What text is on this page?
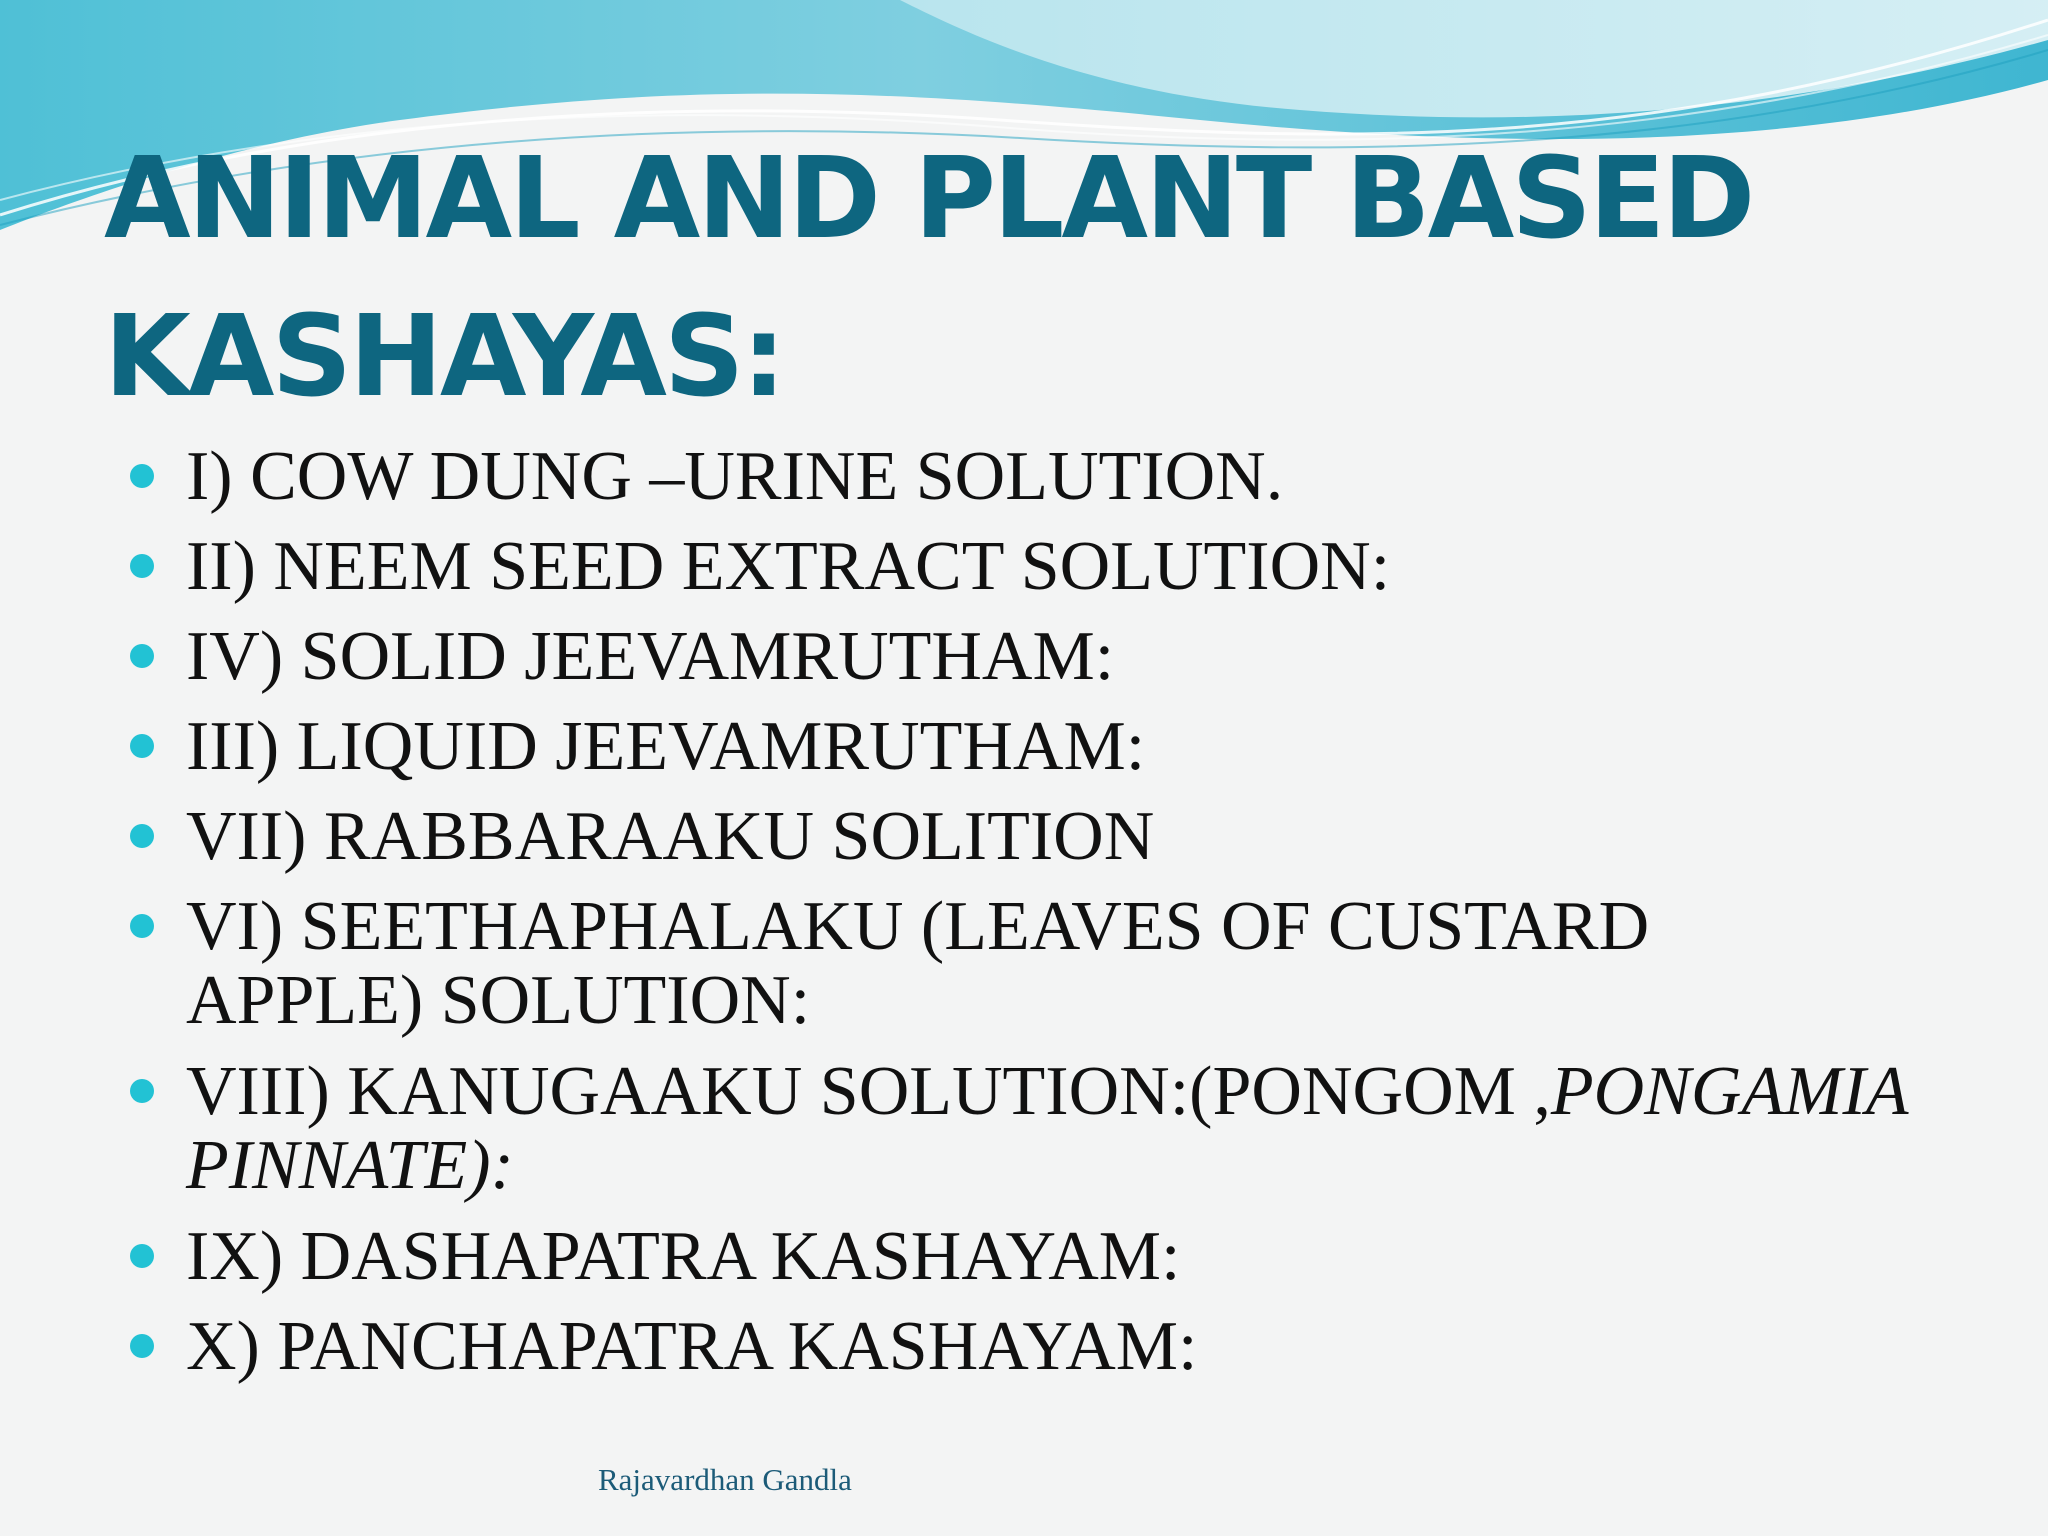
ANIMAL AND PLANT BASED
KASHAYAS:
I) COW DUNG –URINE SOLUTION.
II) NEEM SEED EXTRACT SOLUTION:
IV) SOLID JEEVAMRUTHAM:
III) LIQUID JEEVAMRUTHAM:
VII) RABBARAAKU SOLITION
VI) SEETHAPHALAKU (LEAVES OF CUSTARD APPLE) SOLUTION:
VIII) KANUGAAKU SOLUTION:(PONGOM ,PONGAMIA PINNATE):
IX) DASHAPATRA KASHAYAM:
X) PANCHAPATRA KASHAYAM:
Rajavardhan Gandla
